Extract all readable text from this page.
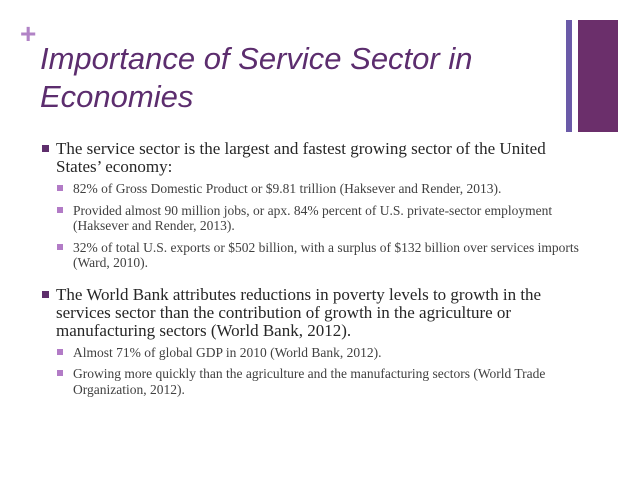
+
Importance of Service Sector in Economies
The service sector is the largest and fastest growing sector of the United States’ economy:
82% of Gross Domestic Product or $9.81 trillion (Haksever and Render, 2013).
Provided almost 90 million jobs, or apx. 84% percent of U.S. private-sector employment (Haksever and Render, 2013).
32% of total U.S. exports or $502 billion, with a surplus of $132 billion over services imports (Ward, 2010).
The World Bank attributes reductions in poverty levels to growth in the services sector than the contribution of growth in the agriculture or manufacturing sectors (World Bank, 2012).
Almost 71% of global GDP in 2010 (World Bank, 2012).
Growing more quickly than the agriculture and the manufacturing sectors (World Trade Organization, 2012).
